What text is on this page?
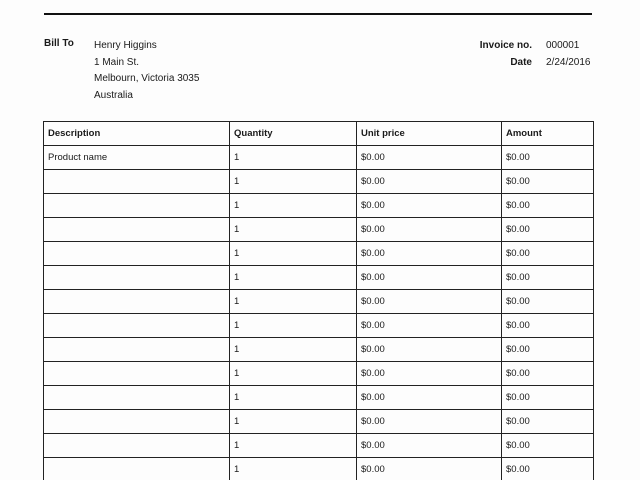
Bill To Henry Higgins
1 Main St.
Melbourn, Victoria 3035
Australia
Invoice no. 000001
Date 2/24/2016
Description	Quantity	Unit price	Amount
Product name	1	$0.00	$0.00
	1	$0.00	$0.00
	1	$0.00	$0.00
	1	$0.00	$0.00
	1	$0.00	$0.00
	1	$0.00	$0.00
	1	$0.00	$0.00
	1	$0.00	$0.00
	1	$0.00	$0.00
	1	$0.00	$0.00
	1	$0.00	$0.00
	1	$0.00	$0.00
	1	$0.00	$0.00
	1	$0.00	$0.00
